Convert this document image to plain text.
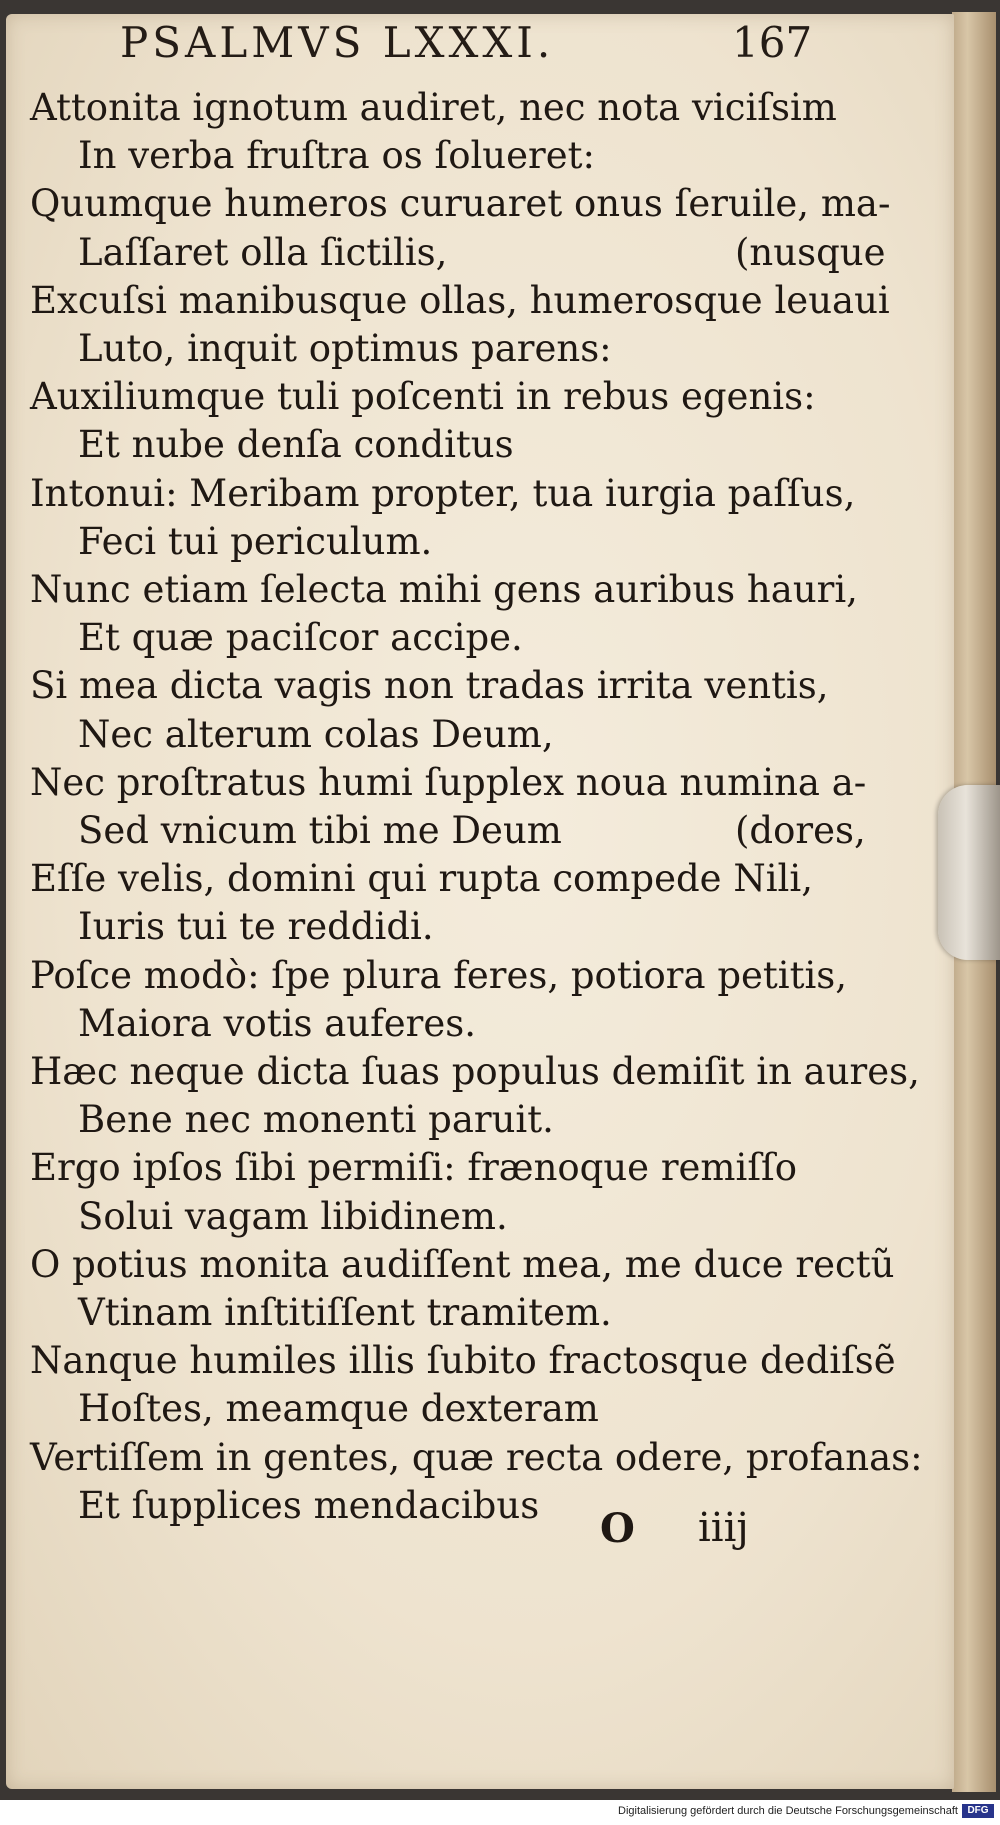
PSALMVS LXXXI.	167
Attonita ignotum audiret, nec nota viciſsim
In verba fruſtra os ſolueret:
Quumque humeros curuaret onus ſeruile, ma-
Laſſaret olla ſictilis,	(nusque
Excuſsi manibusque ollas, humerosque leuaui
Luto, inquit optimus parens:
Auxiliumque tuli poſcenti in rebus egenis:
Et nube denſa conditus
Intonui: Meribam propter, tua iurgia paſſus,
Feci tui periculum.
Nunc etiam ſelecta mihi gens auribus hauri,
Et quæ paciſcor accipe.
Si mea dicta vagis non tradas irrita ventis,
Nec alterum colas Deum,
Nec proſtratus humi ſupplex noua numina a-
Sed vnicum tibi me Deum	(dores,
Eſſe velis, domini qui rupta compede Nili,
Iuris tui te reddidi.
Poſce modò: ſpe plura feres, potiora petitis,
Maiora votis auferes.
Hæc neque dicta ſuas populus demiſit in aures,
Bene nec monenti paruit.
Ergo ipſos ſibi permiſi: frænoque remiſſo
Solui vagam libidinem.
O potius monita audiſſent mea, me duce rectũ
Vtinam inſtitiſſent tramitem.
Nanque humiles illis ſubito fractosque dediſsẽ
Hoſtes, meamque dexteram
Vertiſſem in gentes, quæ recta odere, profanas:
Et ſupplices mendacibus O iiij
Digitalisierung gefördert durch die Deutsche Forschungsgemeinschaft DFG
